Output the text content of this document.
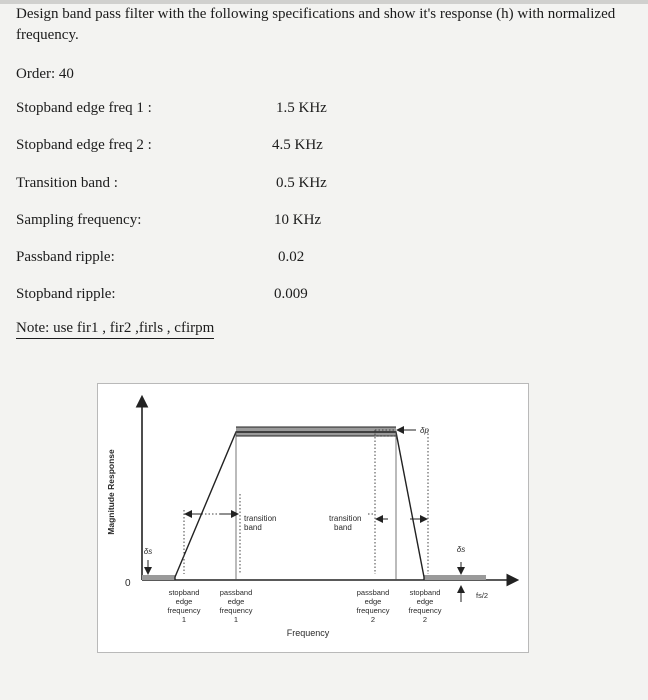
Design band pass filter with the following specifications and show it's response (h) with normalized frequency.
Order: 40
Stopband edge freq 1 :	1.5 KHz
Stopband edge freq 2 :	4.5 KHz
Transition band :	0.5 KHz
Sampling frequency:	10 KHz
Passband ripple:	0.02
Stopband ripple:	0.009
Note: use fir1 , fir2 ,firls , cfirpm
Magnitude Response
0
δs	δs
δp
transition
band
transition
band
stopband
edge
frequency
1
passband
edge
frequency
1
passband
edge
frequency
2
stopband
edge
frequency
2
fs/2
Frequency
